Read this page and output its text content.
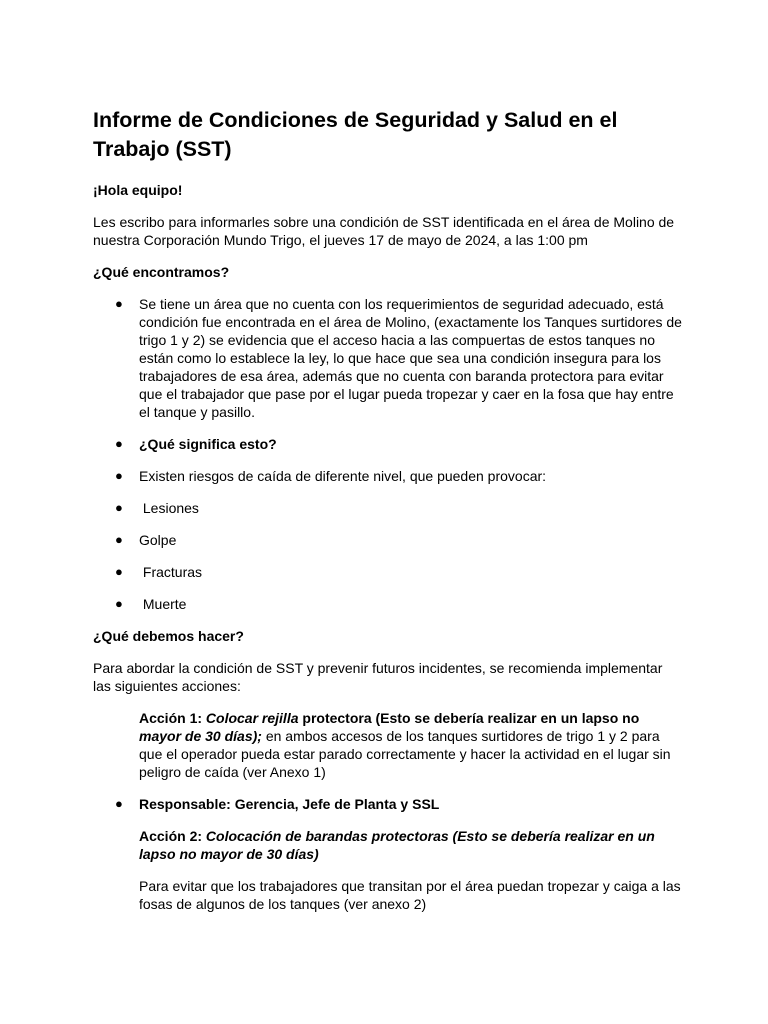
Informe de Condiciones de Seguridad y Salud en el Trabajo (SST)

¡Hola equipo!

Les escribo para informarles sobre una condición de SST identificada en el área de Molino de nuestra Corporación Mundo Trigo, el jueves 17 de mayo de 2024, a las 1:00 pm

¿Qué encontramos?

● Se tiene un área que no cuenta con los requerimientos de seguridad adecuado, está condición fue encontrada en el área de Molino, (exactamente los Tanques surtidores de trigo 1 y 2) se evidencia que el acceso hacia a las compuertas de estos tanques no están como lo establece la ley, lo que hace que sea una condición insegura para los trabajadores de esa área, además que no cuenta con baranda protectora para evitar que el trabajador que pase por el lugar pueda tropezar y caer en la fosa que hay entre el tanque y pasillo.
● ¿Qué significa esto?
● Existen riesgos de caída de diferente nivel, que pueden provocar:
● Lesiones
● Golpe
● Fracturas
● Muerte

¿Qué debemos hacer?

Para abordar la condición de SST y prevenir futuros incidentes, se recomienda implementar las siguientes acciones:

Acción 1: Colocar rejilla protectora (Esto se debería realizar en un lapso no mayor de 30 días); en ambos accesos de los tanques surtidores de trigo 1 y 2 para que el operador pueda estar parado correctamente y hacer la actividad en el lugar sin peligro de caída (ver Anexo 1)

● Responsable: Gerencia, Jefe de Planta y SSL

Acción 2: Colocación de barandas protectoras (Esto se debería realizar en un lapso no mayor de 30 días)

Para evitar que los trabajadores que transitan por el área puedan tropezar y caiga a las fosas de algunos de los tanques (ver anexo 2)
